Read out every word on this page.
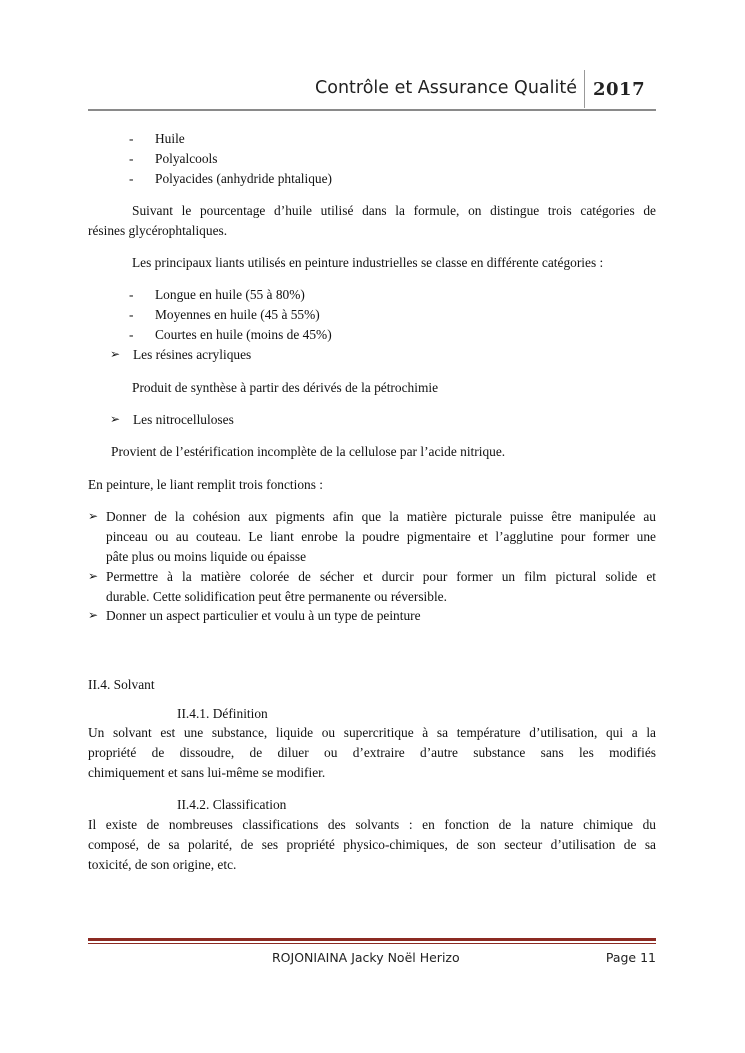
Contrôle et Assurance Qualité 2017
- Huile
- Polyalcools
- Polyacides (anhydride phtalique)
Suivant le pourcentage d’huile utilisé dans la formule, on distingue trois catégories de
résines glycérophtaliques.
Les principaux liants utilisés en peinture industrielles se classe en différente catégories :
- Longue en huile (55 à 80%)
- Moyennes en huile (45 à 55%)
- Courtes en huile (moins de 45%)
➢ Les résines acryliques
Produit de synthèse à partir des dérivés de la pétrochimie
➢ Les nitrocelluloses
Provient de l’estérification incomplète de la cellulose par l’acide nitrique.
En peinture, le liant remplit trois fonctions :
➢ Donner de la cohésion aux pigments afin que la matière picturale puisse être manipulée au
pinceau ou au couteau. Le liant enrobe la poudre pigmentaire et l’agglutine pour former une
pâte plus ou moins liquide ou épaisse
➢ Permettre à la matière colorée de sécher et durcir pour former un film pictural solide et
durable. Cette solidification peut être permanente ou réversible.
➢ Donner un aspect particulier et voulu à un type de peinture
II.4. Solvant
II.4.1. Définition
Un solvant est une substance, liquide ou supercritique à sa température d’utilisation, qui a la
propriété de dissoudre, de diluer ou d’extraire d’autre substance sans les modifiés
chimiquement et sans lui-même se modifier.
II.4.2. Classification
Il existe de nombreuses classifications des solvants : en fonction de la nature chimique du
composé, de sa polarité, de ses propriété physico-chimiques, de son secteur d’utilisation de sa
toxicité, de son origine, etc.
ROJONIAINA Jacky Noël Herizo	Page 11
